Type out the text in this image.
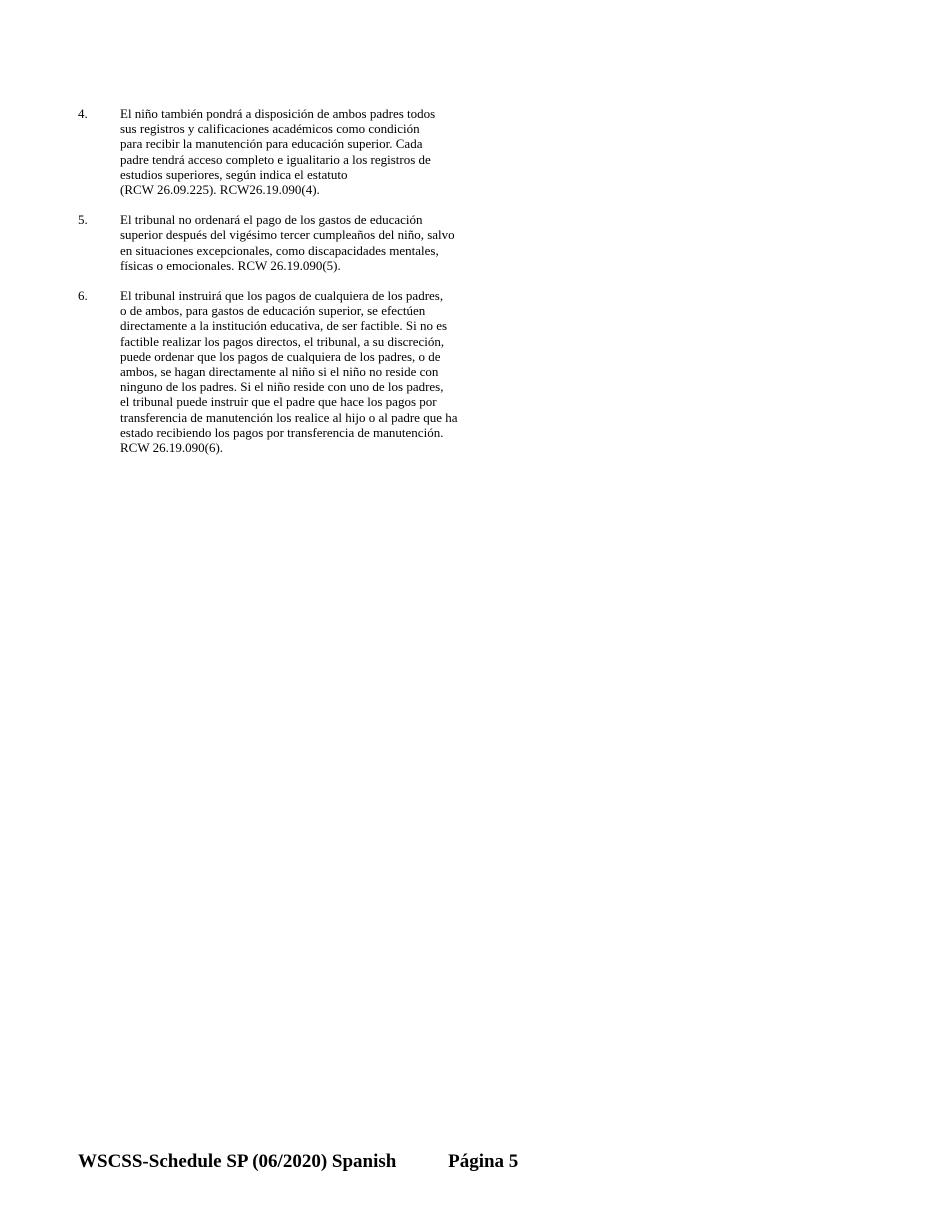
4. El niño también pondrá a disposición de ambos padres todos
sus registros y calificaciones académicos como condición
para recibir la manutención para educación superior. Cada
padre tendrá acceso completo e igualitario a los registros de
estudios superiores, según indica el estatuto
(RCW 26.09.225). RCW26.19.090(4).
5. El tribunal no ordenará el pago de los gastos de educación
superior después del vigésimo tercer cumpleaños del niño, salvo
en situaciones excepcionales, como discapacidades mentales,
físicas o emocionales. RCW 26.19.090(5).
6. El tribunal instruirá que los pagos de cualquiera de los padres,
o de ambos, para gastos de educación superior, se efectúen
directamente a la institución educativa, de ser factible. Si no es
factible realizar los pagos directos, el tribunal, a su discreción,
puede ordenar que los pagos de cualquiera de los padres, o de
ambos, se hagan directamente al niño si el niño no reside con
ninguno de los padres. Si el niño reside con uno de los padres,
el tribunal puede instruir que el padre que hace los pagos por
transferencia de manutención los realice al hijo o al padre que ha
estado recibiendo los pagos por transferencia de manutención.
RCW 26.19.090(6).
WSCSS-Schedule SP (06/2020) Spanish	Página 5
